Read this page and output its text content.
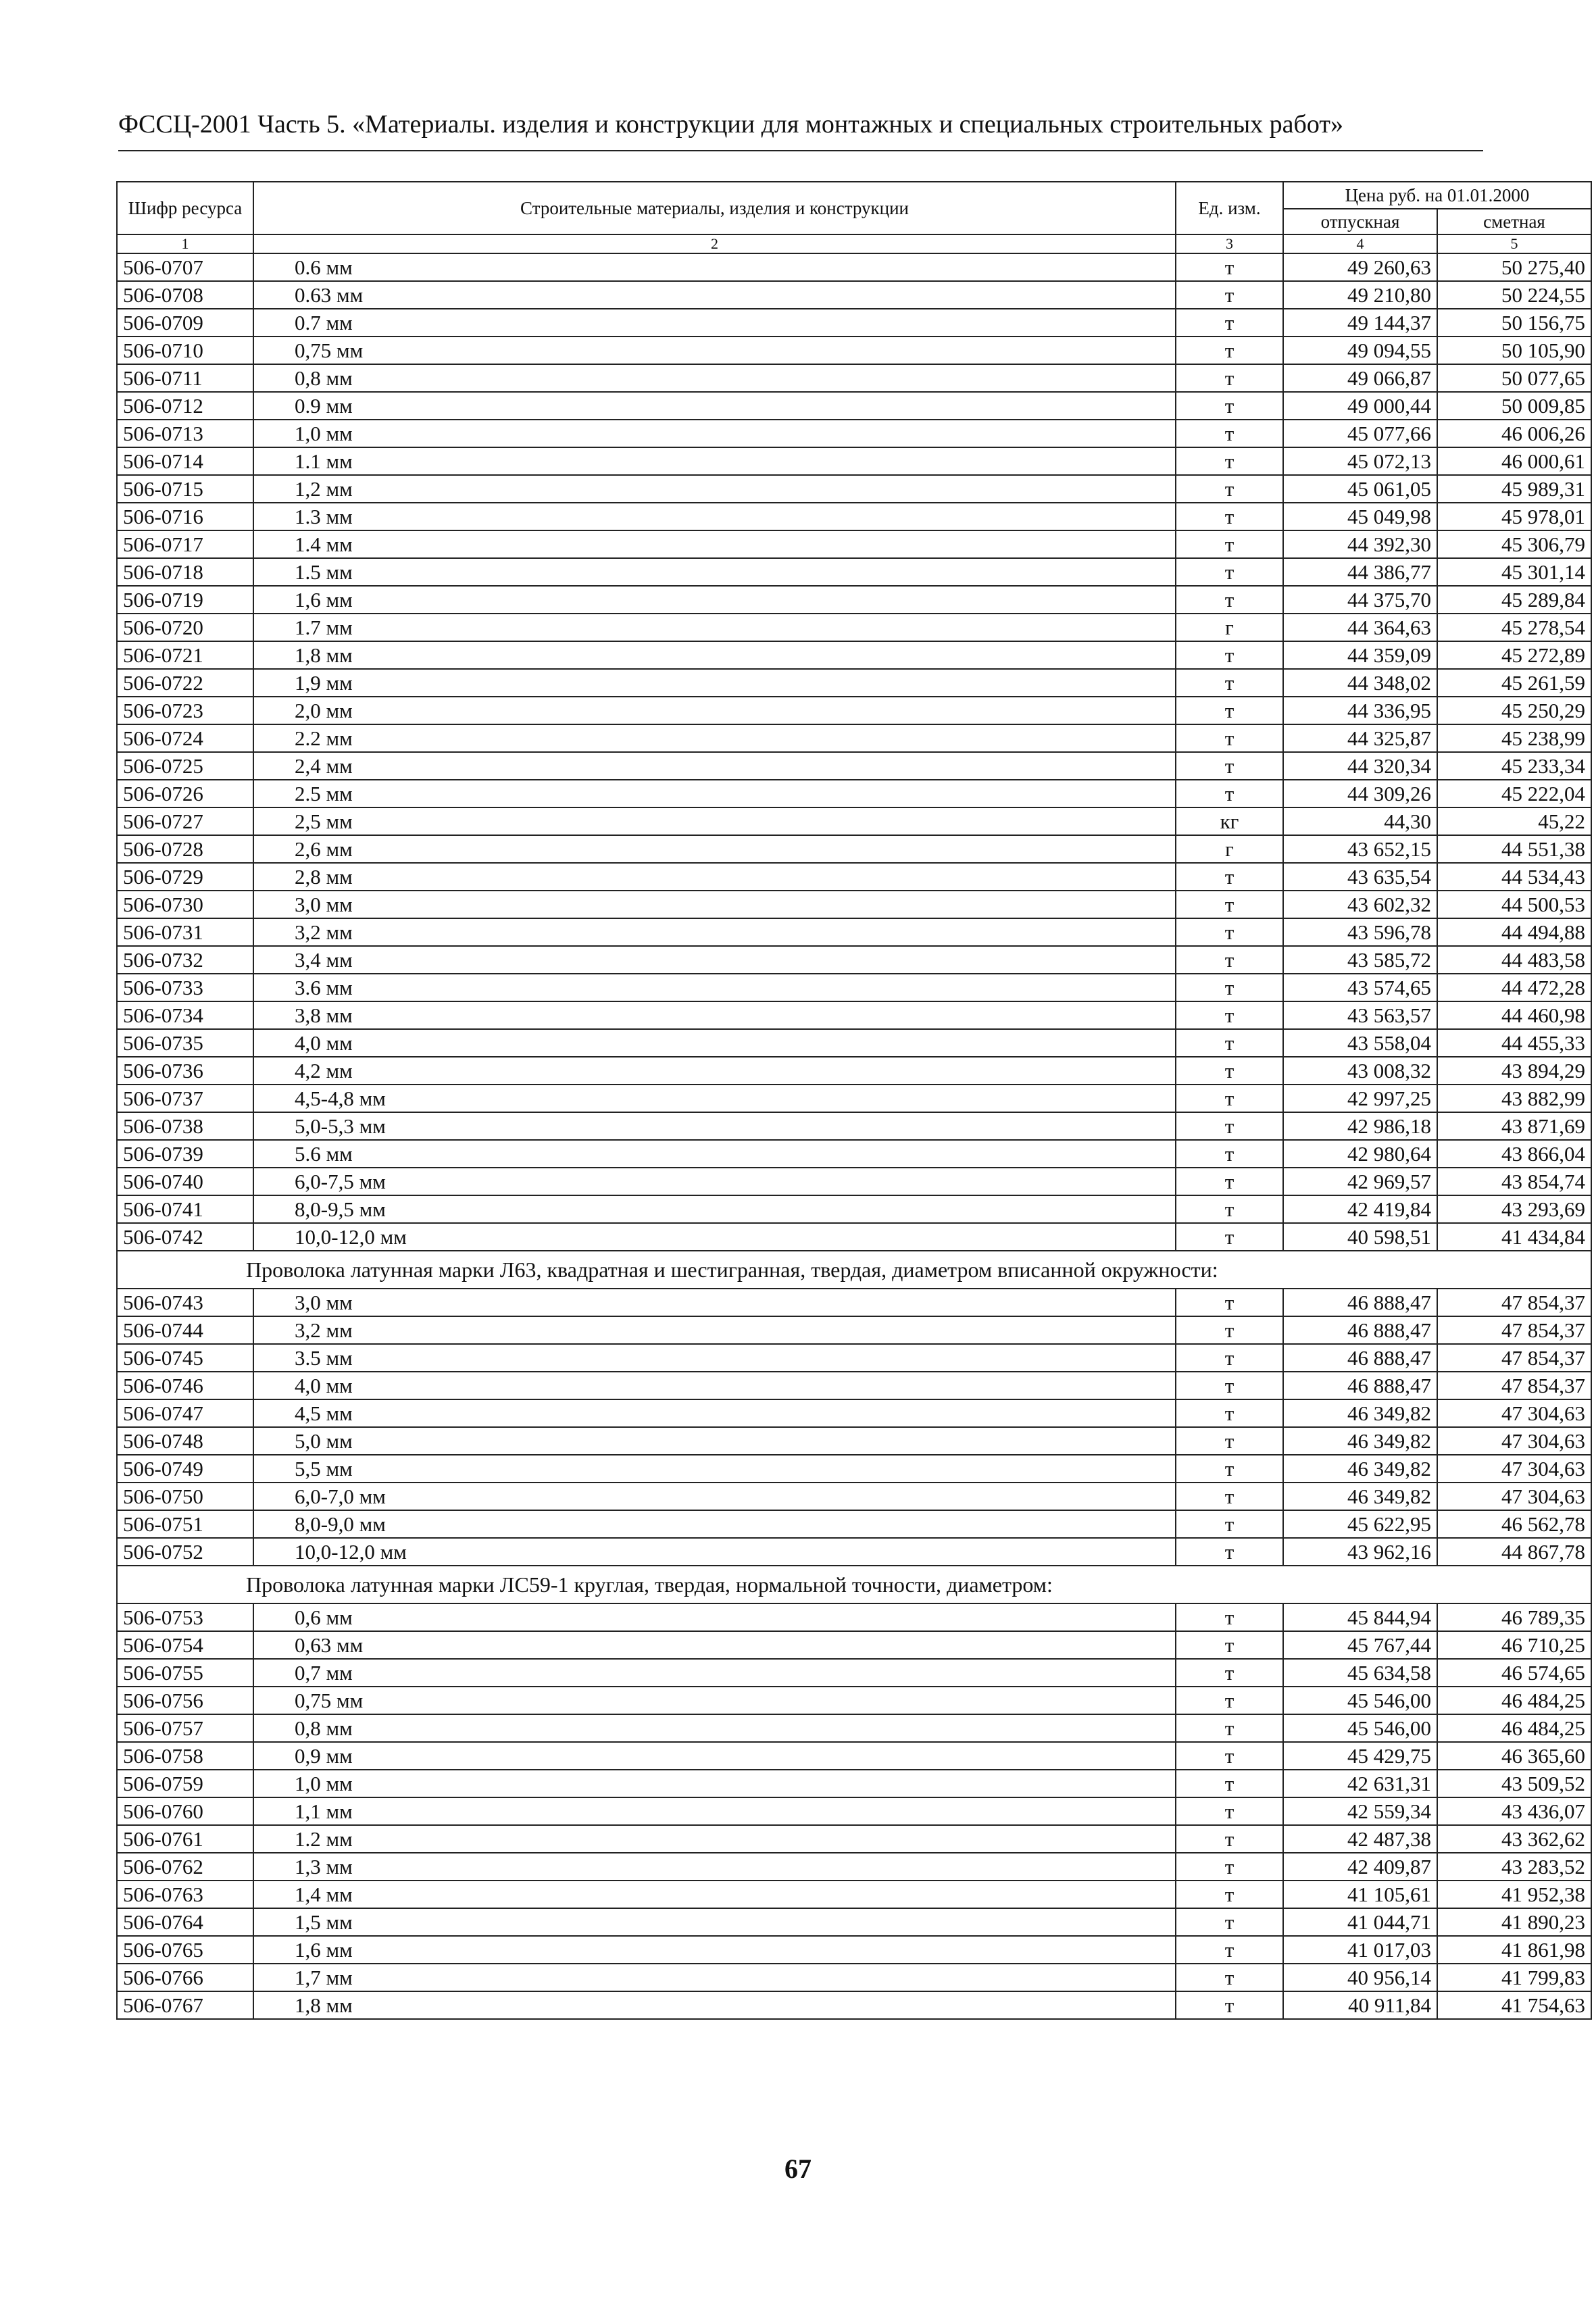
ФССЦ-2001 Часть 5. «Материалы. изделия и конструкции для монтажных и специальных строительных работ»
Шифр ресурса	Строительные материалы, изделия и конструкции	Ед. изм.	Цена руб. на 01.01.2000	
			отпускная	сметная
1	2	3	4	5
506-0707	0.6 мм	т	49 260,63	50 275,40
506-0708	0.63 мм	т	49 210,80	50 224,55
506-0709	0.7 мм	т	49 144,37	50 156,75
506-0710	0,75 мм	т	49 094,55	50 105,90
506-0711	0,8 мм	т	49 066,87	50 077,65
506-0712	0.9 мм	т	49 000,44	50 009,85
506-0713	1,0 мм	т	45 077,66	46 006,26
506-0714	1.1 мм	т	45 072,13	46 000,61
506-0715	1,2 мм	т	45 061,05	45 989,31
506-0716	1.3 мм	т	45 049,98	45 978,01
506-0717	1.4 мм	т	44 392,30	45 306,79
506-0718	1.5 мм	т	44 386,77	45 301,14
506-0719	1,6 мм	т	44 375,70	45 289,84
506-0720	1.7 мм	г	44 364,63	45 278,54
506-0721	1,8 мм	т	44 359,09	45 272,89
506-0722	1,9 мм	т	44 348,02	45 261,59
506-0723	2,0 мм	т	44 336,95	45 250,29
506-0724	2.2 мм	т	44 325,87	45 238,99
506-0725	2,4 мм	т	44 320,34	45 233,34
506-0726	2.5 мм	т	44 309,26	45 222,04
506-0727	2,5 мм	кг	44,30	45,22
506-0728	2,6 мм	г	43 652,15	44 551,38
506-0729	2,8 мм	т	43 635,54	44 534,43
506-0730	3,0 мм	т	43 602,32	44 500,53
506-0731	3,2 мм	т	43 596,78	44 494,88
506-0732	3,4 мм	т	43 585,72	44 483,58
506-0733	3.6 мм	т	43 574,65	44 472,28
506-0734	3,8 мм	т	43 563,57	44 460,98
506-0735	4,0 мм	т	43 558,04	44 455,33
506-0736	4,2 мм	т	43 008,32	43 894,29
506-0737	4,5-4,8 мм	т	42 997,25	43 882,99
506-0738	5,0-5,3 мм	т	42 986,18	43 871,69
506-0739	5.6 мм	т	42 980,64	43 866,04
506-0740	6,0-7,5 мм	т	42 969,57	43 854,74
506-0741	8,0-9,5 мм	т	42 419,84	43 293,69
506-0742	10,0-12,0 мм	т	40 598,51	41 434,84
Проволока латунная марки Л63, квадратная и шестигранная, твердая, диаметром вписанной окружности:				
506-0743	3,0 мм	т	46 888,47	47 854,37
506-0744	3,2 мм	т	46 888,47	47 854,37
506-0745	3.5 мм	т	46 888,47	47 854,37
506-0746	4,0 мм	т	46 888,47	47 854,37
506-0747	4,5 мм	т	46 349,82	47 304,63
506-0748	5,0 мм	т	46 349,82	47 304,63
506-0749	5,5 мм	т	46 349,82	47 304,63
506-0750	6,0-7,0 мм	т	46 349,82	47 304,63
506-0751	8,0-9,0 мм	т	45 622,95	46 562,78
506-0752	10,0-12,0 мм	т	43 962,16	44 867,78
Проволока латунная марки ЛС59-1 круглая, твердая, нормальной точности, диаметром:				
506-0753	0,6 мм	т	45 844,94	46 789,35
506-0754	0,63 мм	т	45 767,44	46 710,25
506-0755	0,7 мм	т	45 634,58	46 574,65
506-0756	0,75 мм	т	45 546,00	46 484,25
506-0757	0,8 мм	т	45 546,00	46 484,25
506-0758	0,9 мм	т	45 429,75	46 365,60
506-0759	1,0 мм	т	42 631,31	43 509,52
506-0760	1,1 мм	т	42 559,34	43 436,07
506-0761	1.2 мм	т	42 487,38	43 362,62
506-0762	1,3 мм	т	42 409,87	43 283,52
506-0763	1,4 мм	т	41 105,61	41 952,38
506-0764	1,5 мм	т	41 044,71	41 890,23
506-0765	1,6 мм	т	41 017,03	41 861,98
506-0766	1,7 мм	т	40 956,14	41 799,83
506-0767	1,8 мм	т	40 911,84	41 754,63
67
